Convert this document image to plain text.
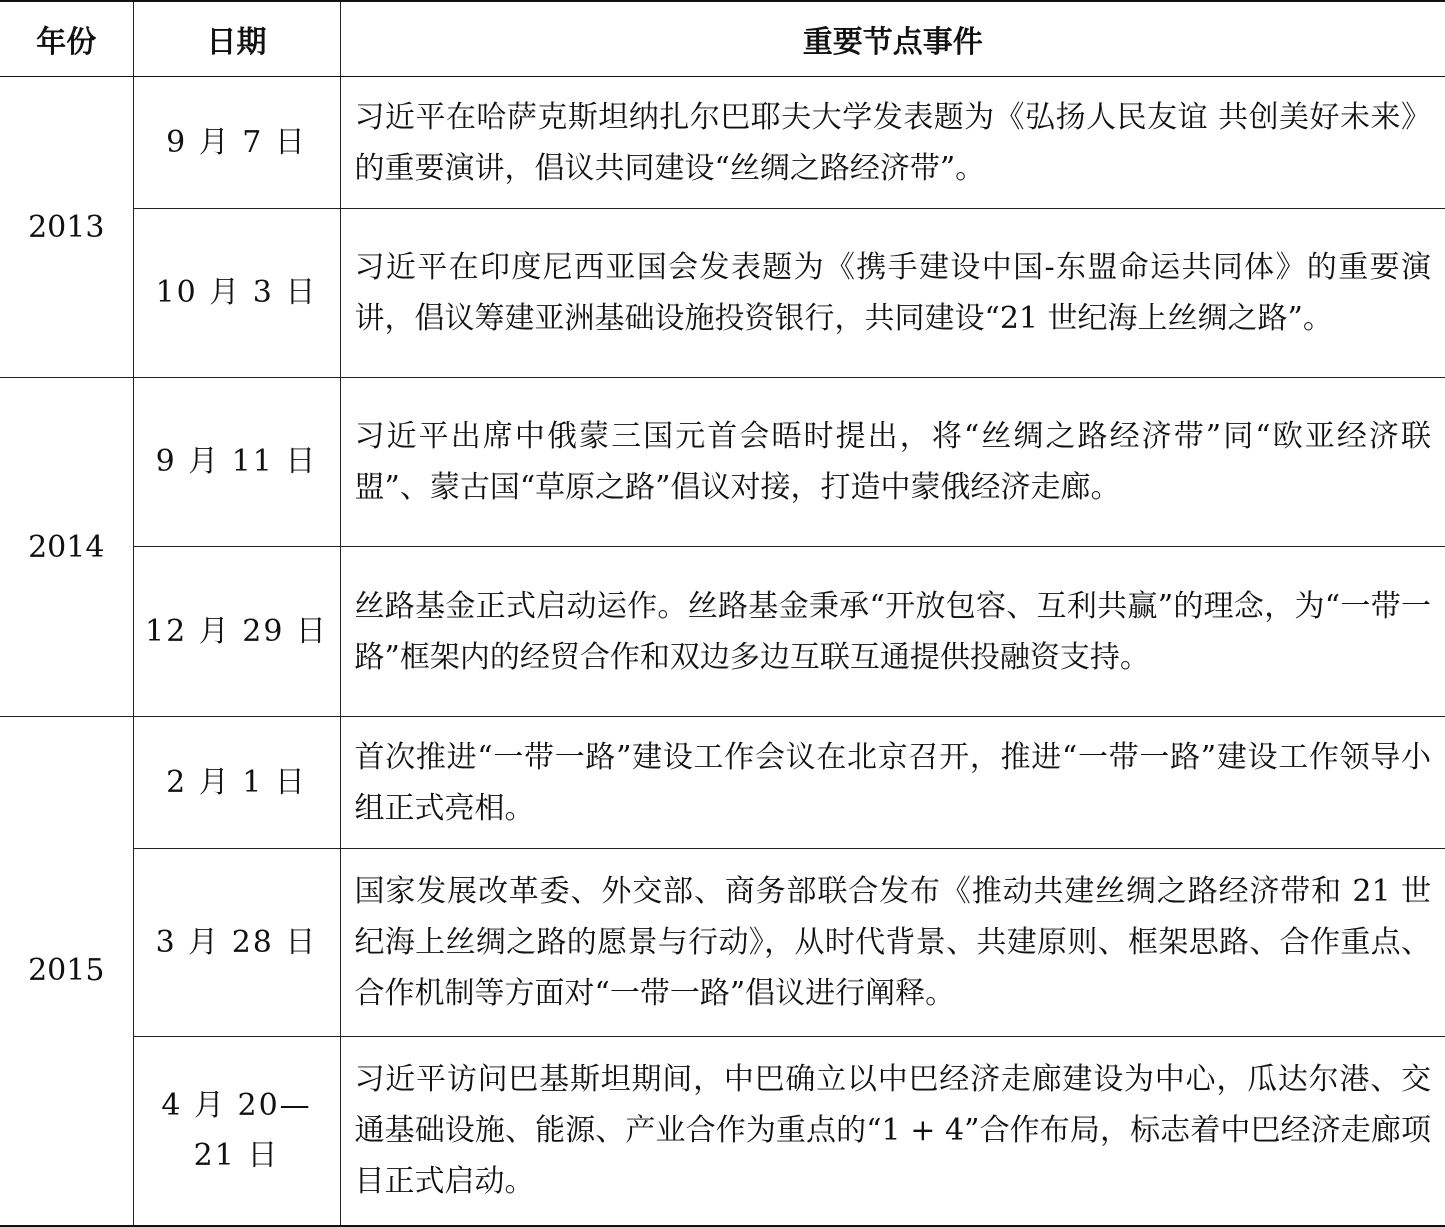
年份	日期	重要节点事件
2013	9 月 7 日	习近平在哈萨克斯坦纳扎尔巴耶夫大学发表题为《弘扬人民友谊 共创美好未来》的重要演讲，倡议共同建设“丝绸之路经济带”。
	10 月 3 日	习近平在印度尼西亚国会发表题为《携手建设中国-东盟命运共同体》的重要演讲，倡议筹建亚洲基础设施投资银行，共同建设“21 世纪海上丝绸之路”。
2014	9 月 11 日	习近平出席中俄蒙三国元首会晤时提出，将“丝绸之路经济带”同“欧亚经济联盟”、蒙古国“草原之路”倡议对接，打造中蒙俄经济走廊。
	12 月 29 日	丝路基金正式启动运作。丝路基金秉承“开放包容、互利共赢”的理念，为“一带一路”框架内的经贸合作和双边多边互联互通提供投融资支持。
2015	2 月 1 日	首次推进“一带一路”建设工作会议在北京召开，推进“一带一路”建设工作领导小组正式亮相。
	3 月 28 日	国家发展改革委、外交部、商务部联合发布《推动共建丝绸之路经济带和 21 世纪海上丝绸之路的愿景与行动》，从时代背景、共建原则、框架思路、合作重点、合作机制等方面对“一带一路”倡议进行阐释。
	4 月 20—21 日	习近平访问巴基斯坦期间，中巴确立以中巴经济走廊建设为中心，瓜达尔港、交通基础设施、能源、产业合作为重点的“1 + 4”合作布局，标志着中巴经济走廊项目正式启动。
